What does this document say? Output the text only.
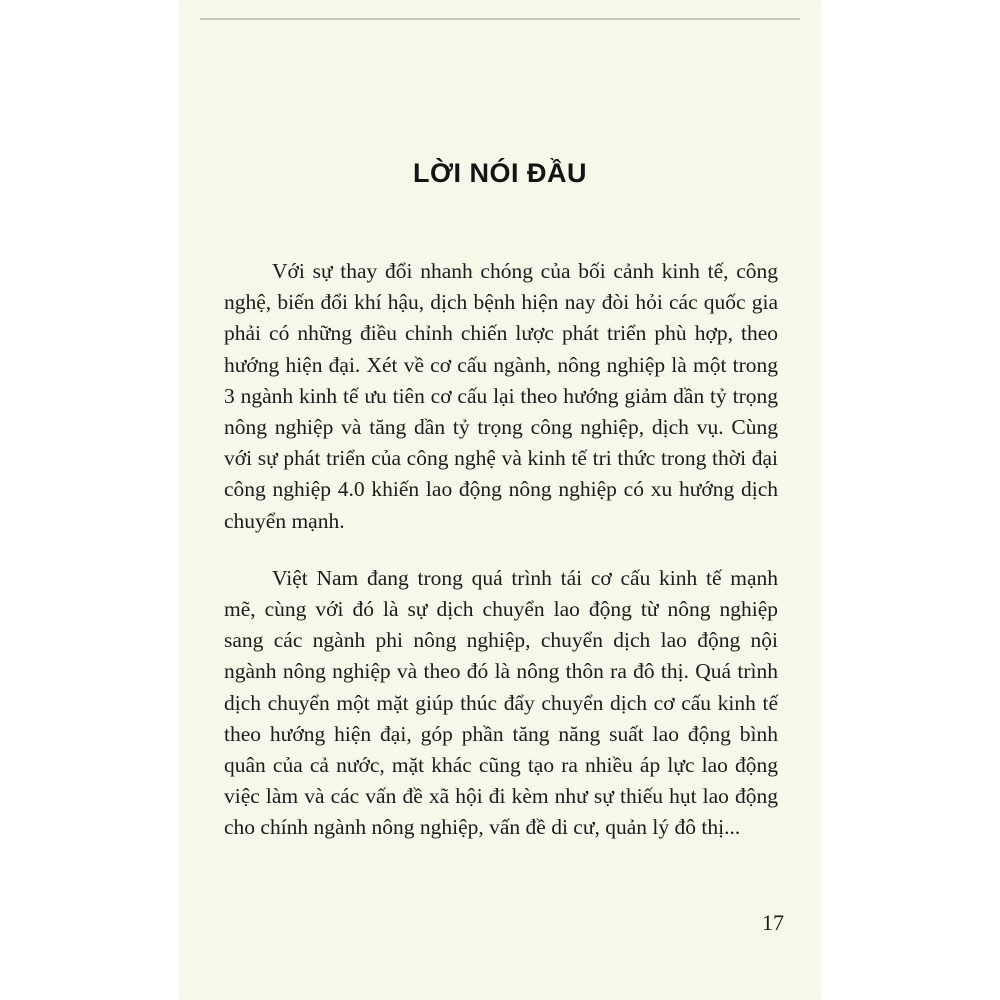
LỜI NÓI ĐẦU

Với sự thay đổi nhanh chóng của bối cảnh kinh tế, công nghệ, biến đổi khí hậu, dịch bệnh hiện nay đòi hỏi các quốc gia phải có những điều chỉnh chiến lược phát triển phù hợp, theo hướng hiện đại. Xét về cơ cấu ngành, nông nghiệp là một trong 3 ngành kinh tế ưu tiên cơ cấu lại theo hướng giảm dần tỷ trọng nông nghiệp và tăng dần tỷ trọng công nghiệp, dịch vụ. Cùng với sự phát triển của công nghệ và kinh tế tri thức trong thời đại công nghiệp 4.0 khiến lao động nông nghiệp có xu hướng dịch chuyển mạnh.

Việt Nam đang trong quá trình tái cơ cấu kinh tế mạnh mẽ, cùng với đó là sự dịch chuyển lao động từ nông nghiệp sang các ngành phi nông nghiệp, chuyển dịch lao động nội ngành nông nghiệp và theo đó là nông thôn ra đô thị. Quá trình dịch chuyển một mặt giúp thúc đẩy chuyển dịch cơ cấu kinh tế theo hướng hiện đại, góp phần tăng năng suất lao động bình quân của cả nước, mặt khác cũng tạo ra nhiều áp lực lao động việc làm và các vấn đề xã hội đi kèm như sự thiếu hụt lao động cho chính ngành nông nghiệp, vấn đề di cư, quản lý đô thị...

17
